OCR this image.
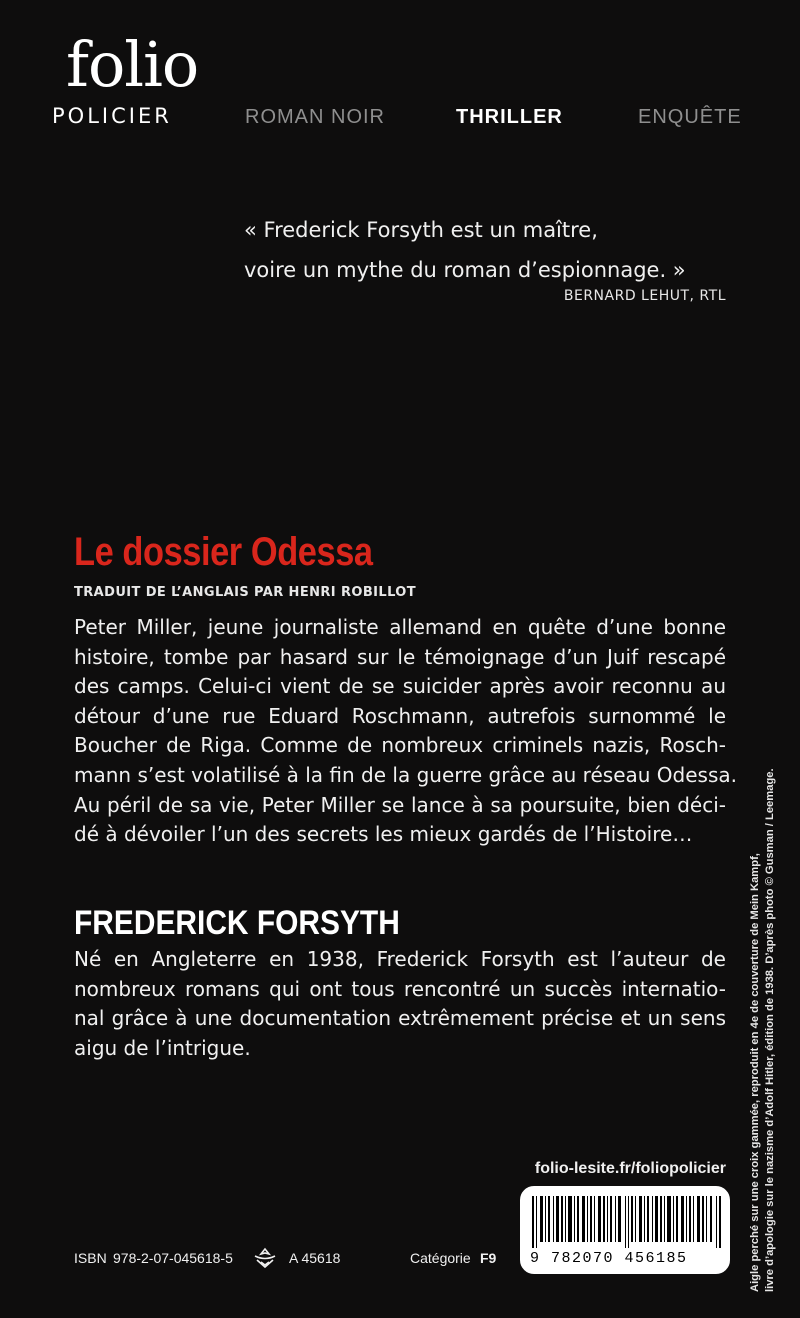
folio
POLICIER	ROMAN NOIR	THRILLER	ENQUÊTE
« Frederick Forsyth est un maître,
voire un mythe du roman d’espionnage. »
BERNARD LEHUT, RTL
Le dossier Odessa
TRADUIT DE L’ANGLAIS PAR HENRI ROBILLOT
Peter Miller, jeune journaliste allemand en quête d’une bonne
histoire, tombe par hasard sur le témoignage d’un Juif rescapé
des camps. Celui-ci vient de se suicider après avoir reconnu au
détour d’une rue Eduard Roschmann, autrefois surnommé le
Boucher de Riga. Comme de nombreux criminels nazis, Rosch-
mann s’est volatilisé à la fin de la guerre grâce au réseau Odessa.
Au péril de sa vie, Peter Miller se lance à sa poursuite, bien déci-
dé à dévoiler l’un des secrets les mieux gardés de l’Histoire…
FREDERICK FORSYTH
Né en Angleterre en 1938, Frederick Forsyth est l’auteur de
nombreux romans qui ont tous rencontré un succès internatio-
nal grâce à une documentation extrêmement précise et un sens
aigu de l’intrigue.	Aigle perché sur une croix gammée, reproduit en 4e de couverture de Mein Kampf, livre d’apologie sur le nazisme d’Adolf Hitler, édition de 1938. D’après photo © Gusman / Leemage.
folio-lesite.fr/foliopolicier
9 782070 456185
ISBN 978-2-07-045618-5	A 45618	Catégorie F9
